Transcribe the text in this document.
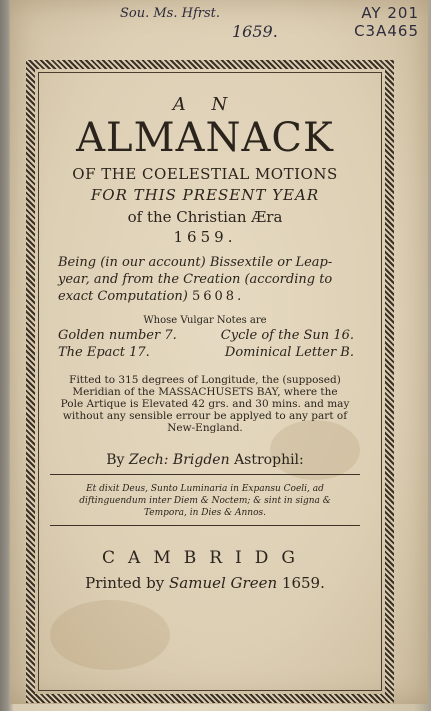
Sou. Ms. Hfrst.
1659.
AY 201
C3A465
A N
ALMANACK
OF THE COELESTIAL MOTIONS
FOR THIS PRESENT YEAR
of the Christian Æra
1659.
Being (in our account) Bissextile or Leap-
year, and from the Creation (according to
exact Computation) 5608.
Whose Vulgar Notes are
Golden number 7.	Cycle of the Sun 16.
The Epact 17.	Dominical Letter B.
Fitted to 315 degrees of Longitude, the (supposed) Meridian of the MASSACHUSETS BAY, where the Pole Artique is Elevated 42 grs. and 30 mins. and may without any sensible errour be applyed to any part of New-England.
By Zech: Brigden Astrophil:
Et dixit Deus, Sunto Luminaria in Expansu Coeli, ad diftinguendum inter Diem & Noctem; & sint in signa & Tempora, in Dies & Annos.
CAMBRIDG
Printed by Samuel Green 1659.
